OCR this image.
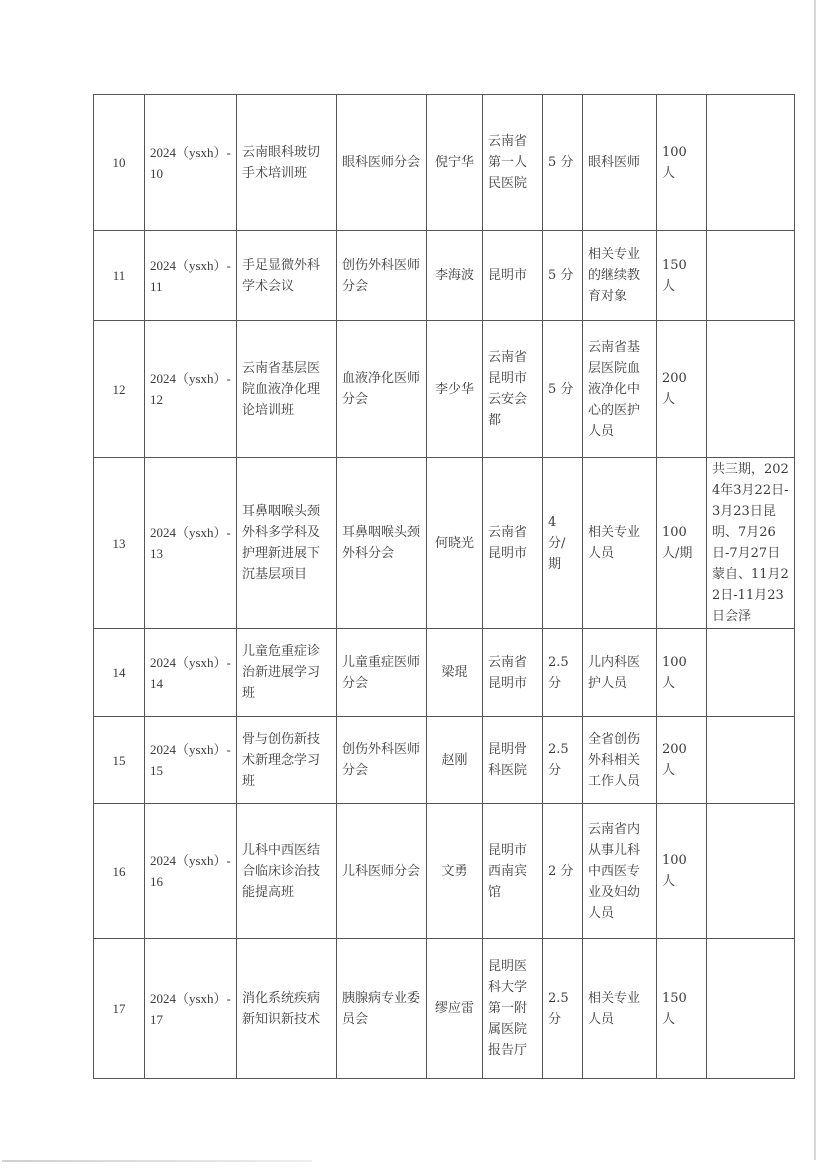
10	2024（ysxh）-10	云南眼科玻切手术培训班	眼科医师分会	倪宁华	云南省第一人民医院	5 分	眼科医师	100 人	
11	2024（ysxh）-11	手足显微外科学术会议	创伤外科医师分会	李海波	昆明市	5 分	相关专业的继续教育对象	150 人	
12	2024（ysxh）-12	云南省基层医院血液净化理论培训班	血液净化医师分会	李少华	云南省昆明市云安会都	5 分	云南省基层医院血液净化中心的医护人员	200 人	
13	2024（ysxh）-13	耳鼻咽喉头颈外科多学科及护理新进展下沉基层项目	耳鼻咽喉头颈外科分会	何晓光	云南省昆明市	4 分/期	相关专业人员	100 人/期	共三期，2024年3月22日-3月23日昆明、7月26日-7月27日蒙自、11月22日-11月23日会泽
14	2024（ysxh）-14	儿童危重症诊治新进展学习班	儿童重症医师分会	梁琨	云南省昆明市	2.5 分	儿内科医护人员	100 人	
15	2024（ysxh）-15	骨与创伤新技术新理念学习班	创伤外科医师分会	赵刚	昆明骨科医院	2.5 分	全省创伤外科相关工作人员	200 人	
16	2024（ysxh）-16	儿科中西医结合临床诊治技能提高班	儿科医师分会	文勇	昆明市西南宾馆	2 分	云南省内从事儿科中西医专业及妇幼人员	100 人	
17	2024（ysxh）-17	消化系统疾病新知识新技术	胰腺病专业委员会	缪应雷	昆明医科大学第一附属医院报告厅	2.5 分	相关专业人员	150 人	
